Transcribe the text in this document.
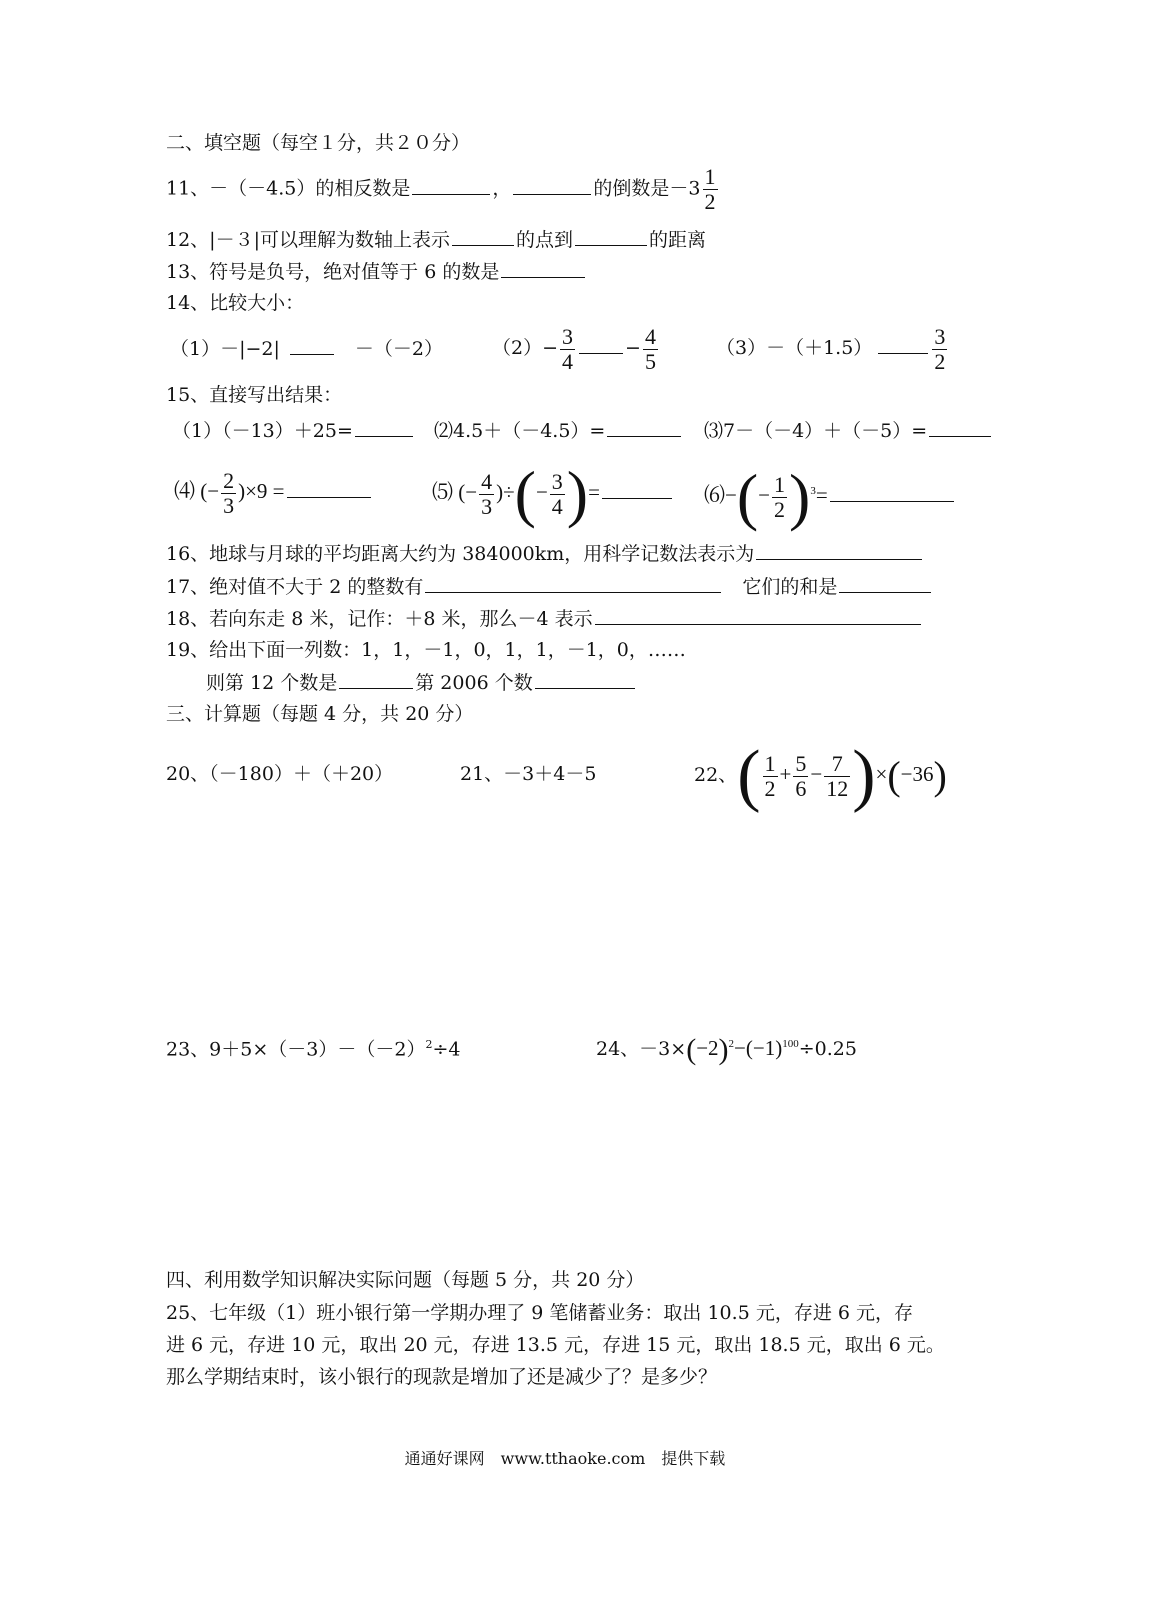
二、填空题（每空１分，共２０分）
11、－（－4.5）的相反数是	，	的倒数是$-3 \frac{1}{2}$
12、|－３|可以理解为数轴上表示	的点到	的距离
13、符号是负号，绝对值等于 6 的数是
14、比较大小：
（1）－|−2|　	－（－2）	$(2)- \frac{3}{4}$	− $\frac{4}{5}$	（3）－（＋1.5）	$\frac{3}{2}$
15、直接写出结果：
（1）（－13）＋25=	⑵4.5＋（－4.5）=	⑶7－（－4）＋（－5）=
⑷ (− $\frac{2}{3} )\times 9$ =	⑸ (− $\frac{4}{3}$ )÷(− $\frac{3}{4}$ )=	⑹−(− $\frac{1}{2} )^3=$
16、地球与月球的平均距离大约为 384000km，用科学记数法表示为
17、绝对值不大于 2 的整数有　	它们的和是
18、若向东走 8 米，记作：＋8 米，那么－4 表示
19、给出下面一列数：1，1，－1，0，1，1，－1，0，……
则第 12 个数是	第 2006 个数
三、计算题（每题 4 分，共 20 分）
20、（－180）＋（＋20）	21、－3＋4－5	22、( $\frac{1}{2} + \frac{5}{6} - \frac{7}{12} )\times(-36)$
23、$9+5\times(-3)-(-2)^2\div 4$	24、$-3\times(-2)^2-(-1)^{100}\div 0.25$
四、利用数学知识解决实际问题（每题 5 分，共 20 分）
25、七年级（1）班小银行第一学期办理了 9 笔储蓄业务：取出 10.5 元，存进 6 元，存
进 6 元，存进 10 元，取出 20 元，存进 13.5 元，存进 15 元，取出 18.5 元，取出 6 元。
那么学期结束时，该小银行的现款是增加了还是减少了？是多少？
通通好课网　www.tthaoke.com　提供下载
